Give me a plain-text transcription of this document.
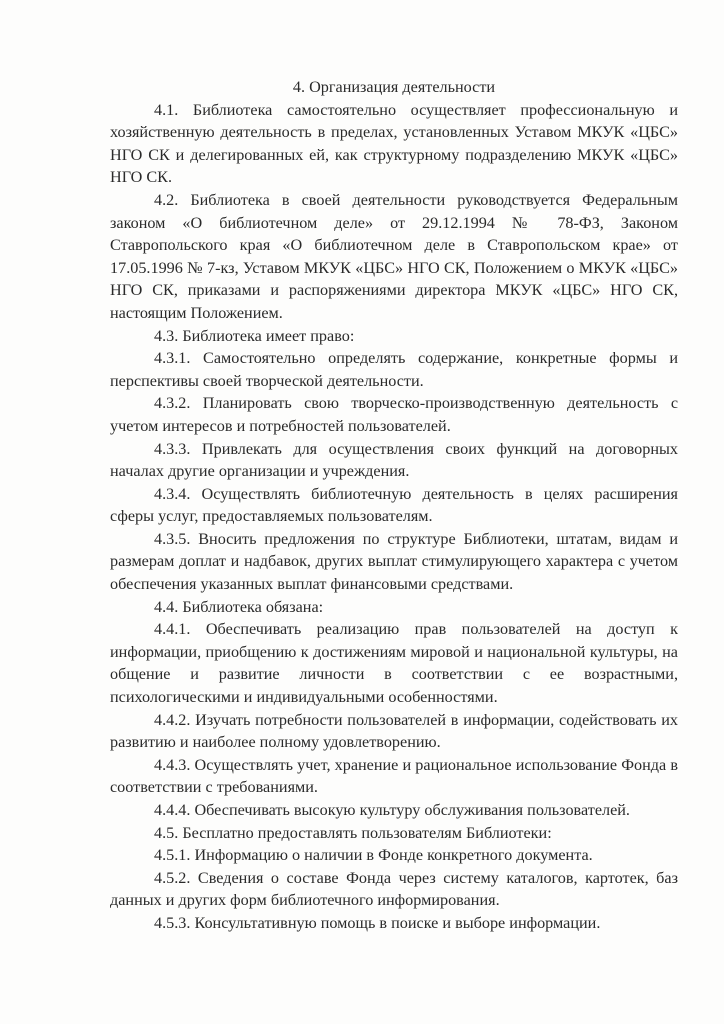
4. Организация деятельности

4.1. Библиотека самостоятельно осуществляет профессиональную и хозяйственную деятельность в пределах, установленных Уставом МКУК «ЦБС» НГО СК и делегированных ей, как структурному подразделению МКУК «ЦБС» НГО СК.

4.2. Библиотека в своей деятельности руководствуется Федеральным законом «О библиотечном деле» от 29.12.1994 № 78-ФЗ, Законом Ставропольского края «О библиотечном деле в Ставропольском крае» от 17.05.1996 № 7-кз, Уставом МКУК «ЦБС» НГО СК, Положением о МКУК «ЦБС» НГО СК, приказами и распоряжениями директора МКУК «ЦБС» НГО СК, настоящим Положением.

4.3. Библиотека имеет право:

4.3.1. Самостоятельно определять содержание, конкретные формы и перспективы своей творческой деятельности.

4.3.2. Планировать свою творческо-производственную деятельность с учетом интересов и потребностей пользователей.

4.3.3. Привлекать для осуществления своих функций на договорных началах другие организации и учреждения.

4.3.4. Осуществлять библиотечную деятельность в целях расширения сферы услуг, предоставляемых пользователям.

4.3.5. Вносить предложения по структуре Библиотеки, штатам, видам и размерам доплат и надбавок, других выплат стимулирующего характера с учетом обеспечения указанных выплат финансовыми средствами.

4.4. Библиотека обязана:

4.4.1. Обеспечивать реализацию прав пользователей на доступ к информации, приобщению к достижениям мировой и национальной культуры, на общение и развитие личности в соответствии с ее возрастными, психологическими и индивидуальными особенностями.

4.4.2. Изучать потребности пользователей в информации, содействовать их развитию и наиболее полному удовлетворению.

4.4.3. Осуществлять учет, хранение и рациональное использование Фонда в соответствии с требованиями.

4.4.4. Обеспечивать высокую культуру обслуживания пользователей.

4.5. Бесплатно предоставлять пользователям Библиотеки:

4.5.1. Информацию о наличии в Фонде конкретного документа.

4.5.2. Сведения о составе Фонда через систему каталогов, картотек, баз данных и других форм библиотечного информирования.

4.5.3. Консультативную помощь в поиске и выборе информации.
